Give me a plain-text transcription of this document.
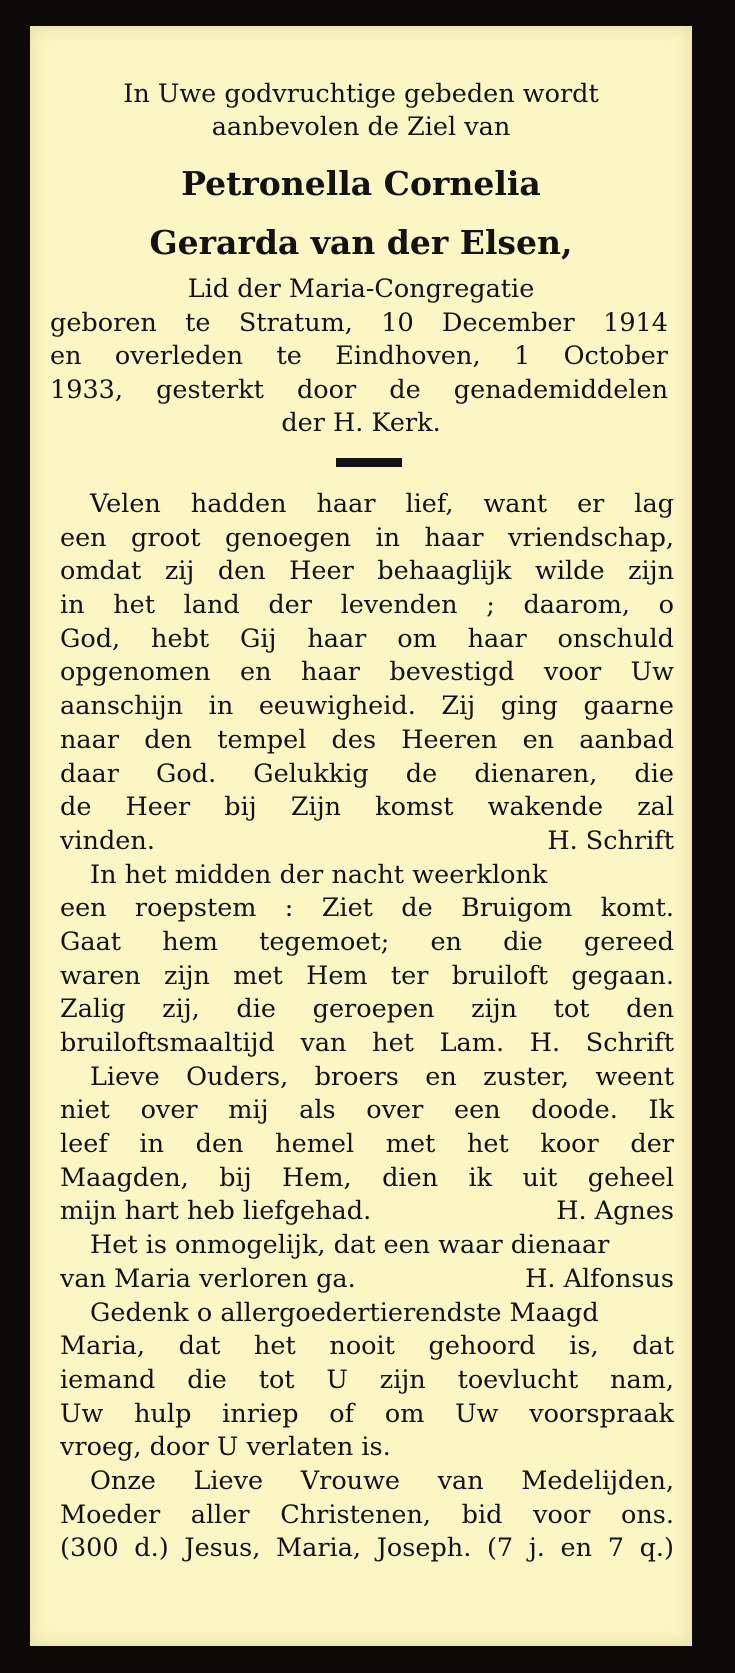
In Uwe godvruchtige gebeden wordt
aanbevolen de Ziel van
Petronella Cornelia
Gerarda van der Elsen,
Lid der Maria-Congregatie
geboren te Stratum, 10 December 1914
en overleden te Eindhoven, 1 October
1933, gesterkt door de genademiddelen
der H. Kerk.
Velen hadden haar lief, want er lag
een groot genoegen in haar vriendschap,
omdat zij den Heer behaaglijk wilde zijn
in het land der levenden ; daarom, o
God, hebt Gij haar om haar onschuld
opgenomen en haar bevestigd voor Uw
aanschijn in eeuwigheid. Zij ging gaarne
naar den tempel des Heeren en aanbad
daar God. Gelukkig de dienaren, die
de Heer bij Zijn komst wakende zal
vinden.	H. Schrift
In het midden der nacht weerklonk
een roepstem : Ziet de Bruigom komt.
Gaat hem tegemoet; en die gereed
waren zijn met Hem ter bruiloft gegaan.
Zalig zij, die geroepen zijn tot den
bruiloftsmaaltijd van het Lam. H. Schrift
Lieve Ouders, broers en zuster, weent
niet over mij als over een doode. Ik
leef in den hemel met het koor der
Maagden, bij Hem, dien ik uit geheel
mijn hart heb liefgehad.	H. Agnes
Het is onmogelijk, dat een waar dienaar
van Maria verloren ga.	H. Alfonsus
Gedenk o allergoedertierendste Maagd
Maria, dat het nooit gehoord is, dat
iemand die tot U zijn toevlucht nam,
Uw hulp inriep of om Uw voorspraak
vroeg, door U verlaten is.
Onze Lieve Vrouwe van Medelijden,
Moeder aller Christenen, bid voor ons.
(300 d.) Jesus, Maria, Joseph. (7 j. en 7 q.)
